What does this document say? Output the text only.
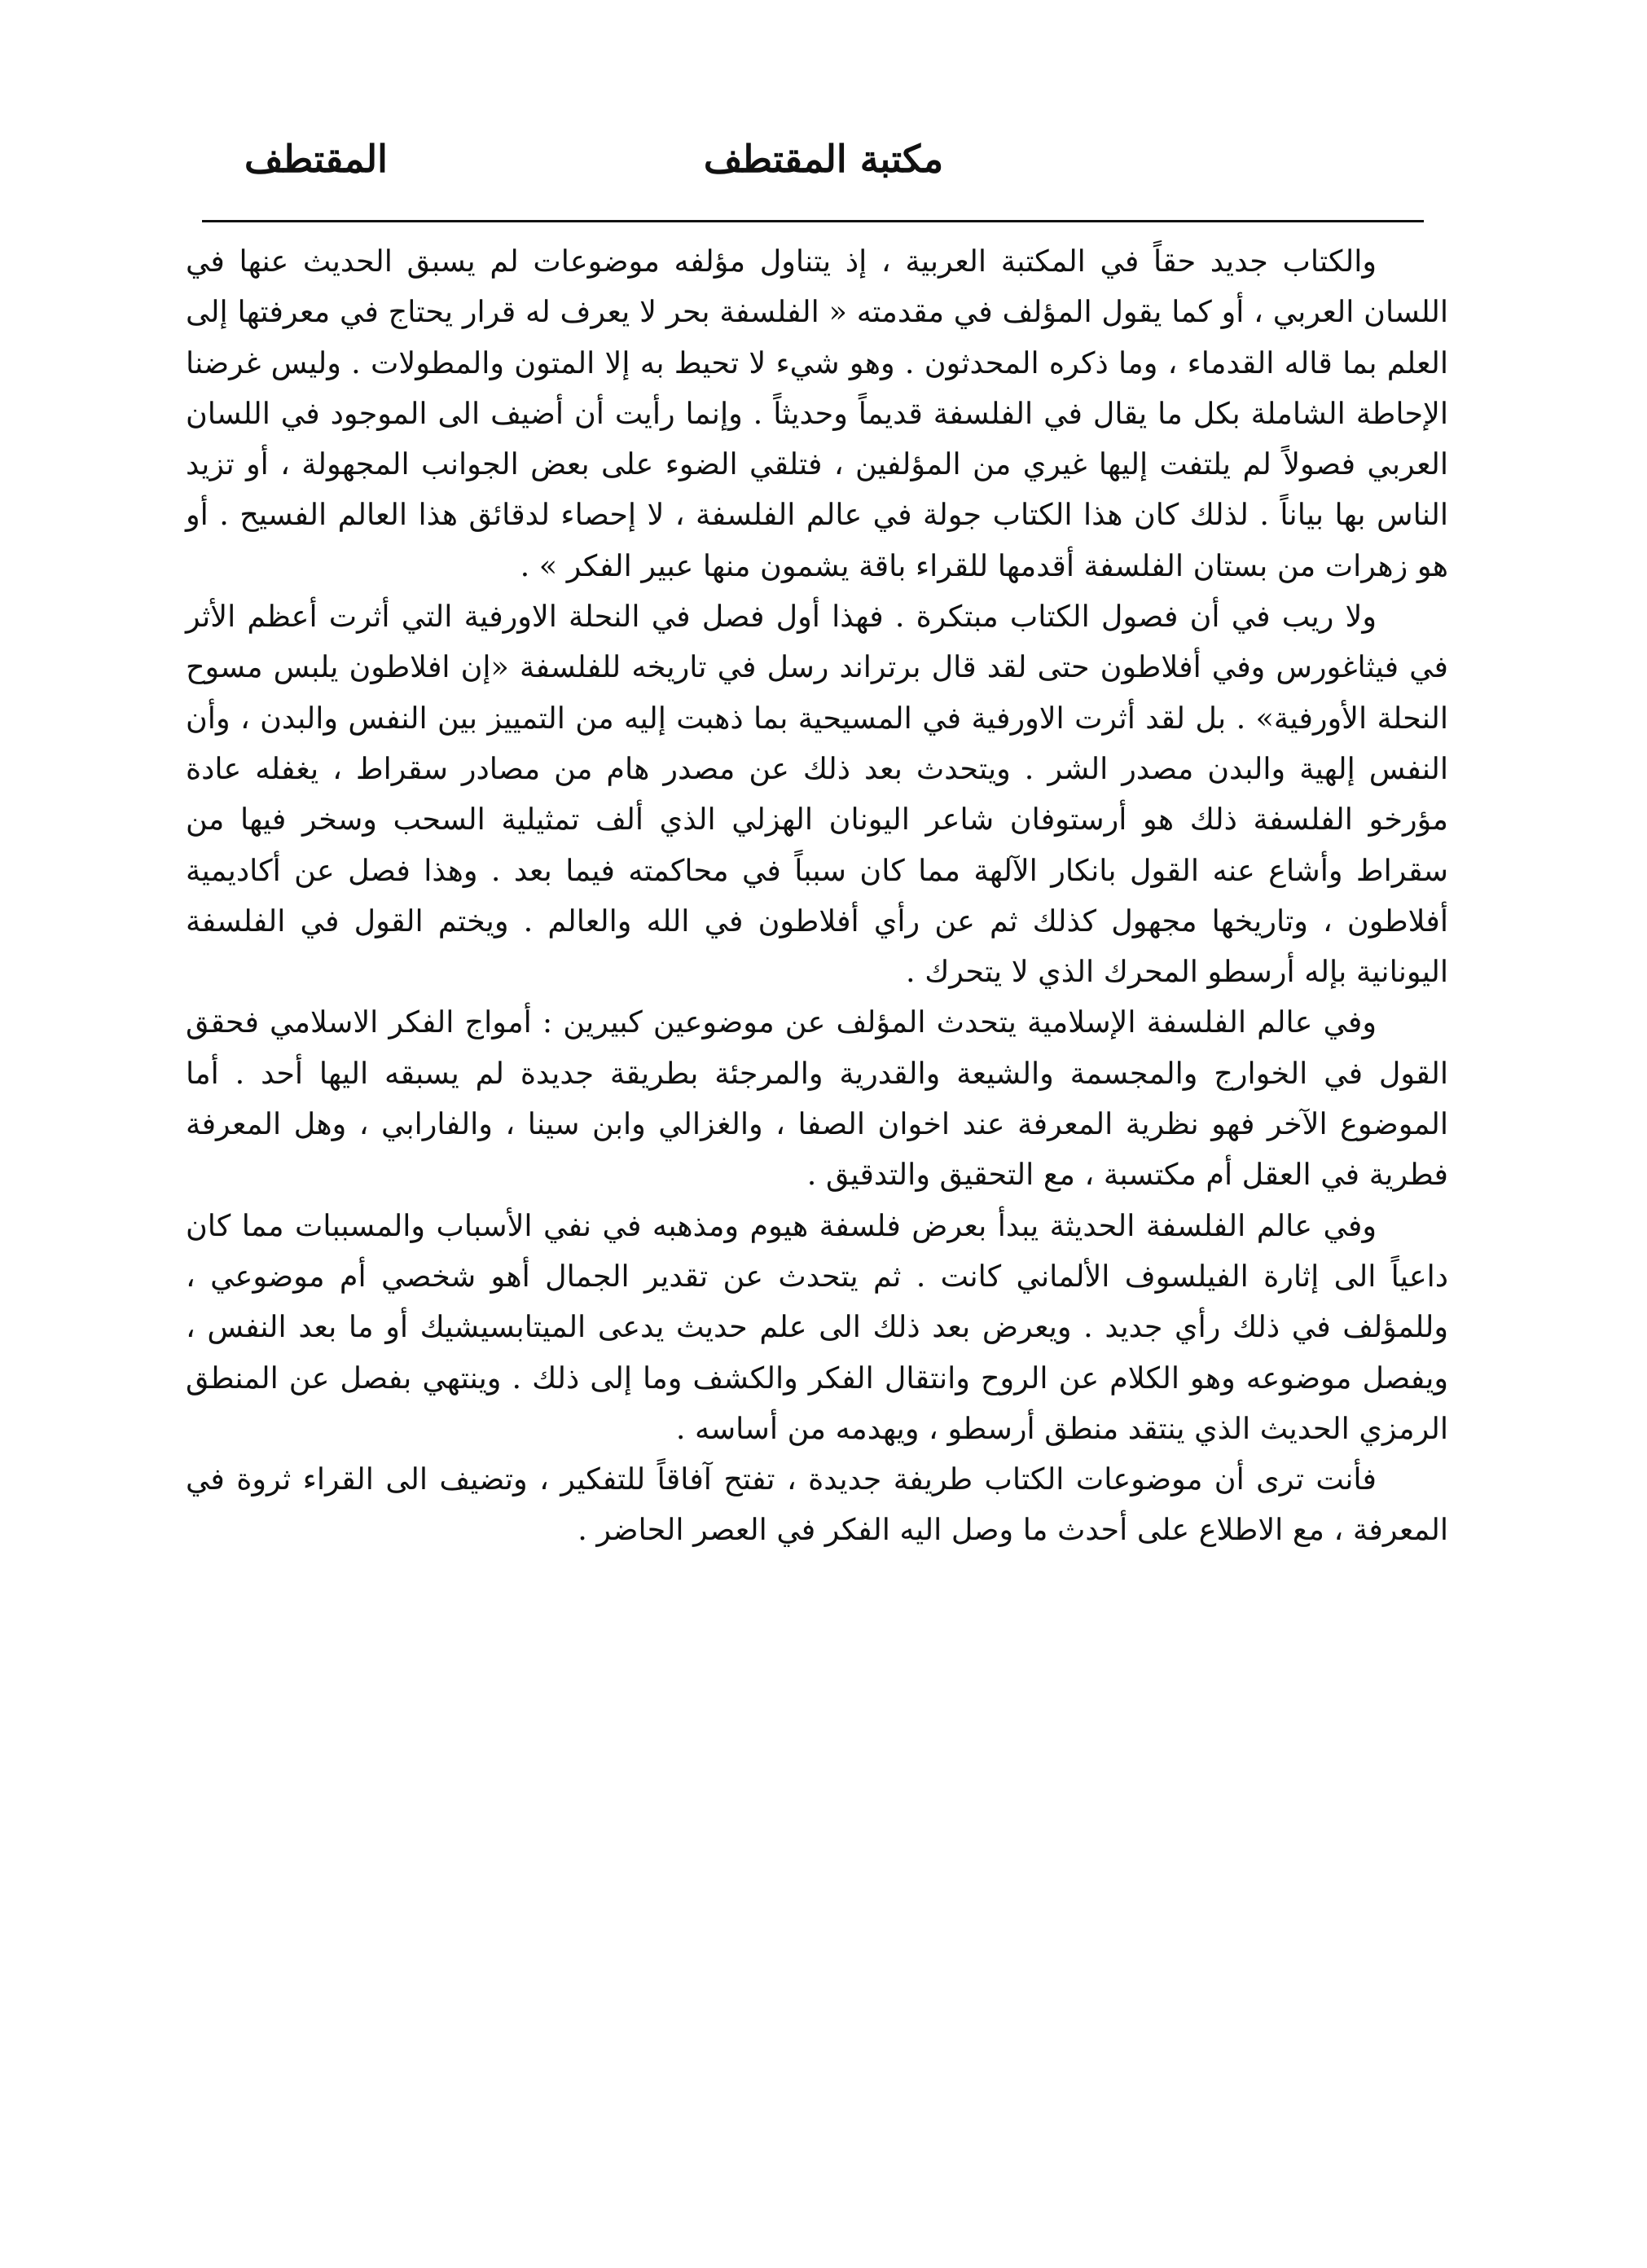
مكتبة المقتطف
المقتطف

والكتاب جديد حقاً في المكتبة العربية ، إذ يتناول مؤلفه موضوعات لم يسبق الحديث عنها في اللسان العربي ، أو كما يقول المؤلف في مقدمته « الفلسفة بحر لا يعرف له قرار يحتاج في معرفتها إلى العلم بما قاله القدماء ، وما ذكره المحدثون . وهو شيء لا تحيط به إلا المتون والمطولات . وليس غرضنا الإحاطة الشاملة بكل ما يقال في الفلسفة قديماً وحديثاً . وإنما رأيت أن أضيف الى الموجود في اللسان العربي فصولاً لم يلتفت إليها غيري من المؤلفين ، فتلقي الضوء على بعض الجوانب المجهولة ، أو تزيد الناس بها بياناً . لذلك كان هذا الكتاب جولة في عالم الفلسفة ، لا إحصاء لدقائق هذا العالم الفسيح . أو هو زهرات من بستان الفلسفة أقدمها للقراء باقة يشمون منها عبير الفكر » .

ولا ريب في أن فصول الكتاب مبتكرة . فهذا أول فصل في النحلة الاورفية التي أثرت أعظم الأثر في فيثاغورس وفي أفلاطون حتى لقد قال برتراند رسل في تاريخه للفلسفة «إن افلاطون يلبس مسوح النحلة الأورفية» . بل لقد أثرت الاورفية في المسيحية بما ذهبت إليه من التمييز بين النفس والبدن ، وأن النفس إلهية والبدن مصدر الشر . ويتحدث بعد ذلك عن مصدر هام من مصادر سقراط ، يغفله عادة مؤرخو الفلسفة ذلك هو أرستوفان شاعر اليونان الهزلي الذي ألف تمثيلية السحب وسخر فيها من سقراط وأشاع عنه القول بانكار الآلهة مما كان سبباً في محاكمته فيما بعد . وهذا فصل عن أكاديمية أفلاطون ، وتاريخها مجهول كذلك ثم عن رأي أفلاطون في الله والعالم . ويختم القول في الفلسفة اليونانية بإله أرسطو المحرك الذي لا يتحرك .

وفي عالم الفلسفة الإسلامية يتحدث المؤلف عن موضوعين كبيرين : أمواج الفكر الاسلامي فحقق القول في الخوارج والمجسمة والشيعة والقدرية والمرجئة بطريقة جديدة لم يسبقه اليها أحد . أما الموضوع الآخر فهو نظرية المعرفة عند اخوان الصفا ، والغزالي وابن سينا ، والفارابي ، وهل المعرفة فطرية في العقل أم مكتسبة ، مع التحقيق والتدقيق .

وفي عالم الفلسفة الحديثة يبدأ بعرض فلسفة هيوم ومذهبه في نفي الأسباب والمسببات مما كان داعياً الى إثارة الفيلسوف الألماني كانت . ثم يتحدث عن تقدير الجمال أهو شخصي أم موضوعي ، وللمؤلف في ذلك رأي جديد . ويعرض بعد ذلك الى علم حديث يدعى الميتابسيشيك أو ما بعد النفس ، ويفصل موضوعه وهو الكلام عن الروح وانتقال الفكر والكشف وما إلى ذلك . وينتهي بفصل عن المنطق الرمزي الحديث الذي ينتقد منطق أرسطو ، ويهدمه من أساسه .

فأنت ترى أن موضوعات الكتاب طريفة جديدة ، تفتح آفاقاً للتفكير ، وتضيف الى القراء ثروة في المعرفة ، مع الاطلاع على أحدث ما وصل اليه الفكر في العصر الحاضر .
